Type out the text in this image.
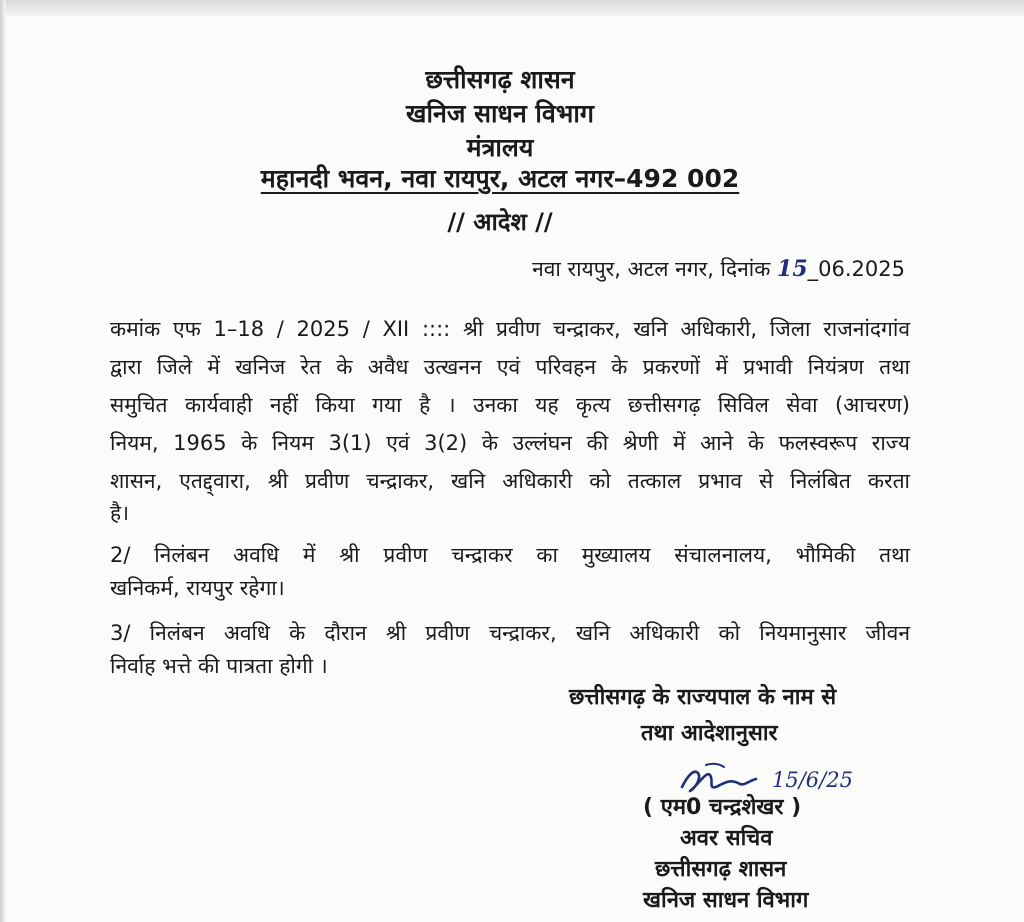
छत्तीसगढ़ शासन
खनिज साधन विभाग
मंत्रालय
महानदी भवन, नवा रायपुर, अटल नगर–492 002
// आदेश //
नवा रायपुर, अटल नगर, दिनांक 15_06.2025
कमांक एफ 1–18 / 2025 / XII :::: श्री प्रवीण चन्द्राकर, खनि अधिकारी, जिला राजनांदगांव
द्वारा जिले में खनिज रेत के अवैध उत्खनन एवं परिवहन के प्रकरणों में प्रभावी नियंत्रण तथा
समुचित कार्यवाही नहीं किया गया है । उनका यह कृत्य छत्तीसगढ़ सिविल सेवा (आचरण)
नियम, 1965 के नियम 3(1) एवं 3(2) के उल्लंघन की श्रेणी में आने के फलस्वरूप राज्य
शासन, एतद्द्वारा, श्री प्रवीण चन्द्राकर, खनि अधिकारी को तत्काल प्रभाव से निलंबित करता
है।
2/ निलंबन अवधि में श्री प्रवीण चन्द्राकर का मुख्यालय संचालनालय, भौमिकी तथा
खनिकर्म, रायपुर रहेगा।
3/ निलंबन अवधि के दौरान श्री प्रवीण चन्द्राकर, खनि अधिकारी को नियमानुसार जीवन
निर्वाह भत्ते की पात्रता होगी ।
छत्तीसगढ़ के राज्यपाल के नाम से
तथा आदेशानुसार
15/6/25
( एम0 चन्द्रशेखर )
अवर सचिव
छत्तीसगढ़ शासन
खनिज साधन विभाग
